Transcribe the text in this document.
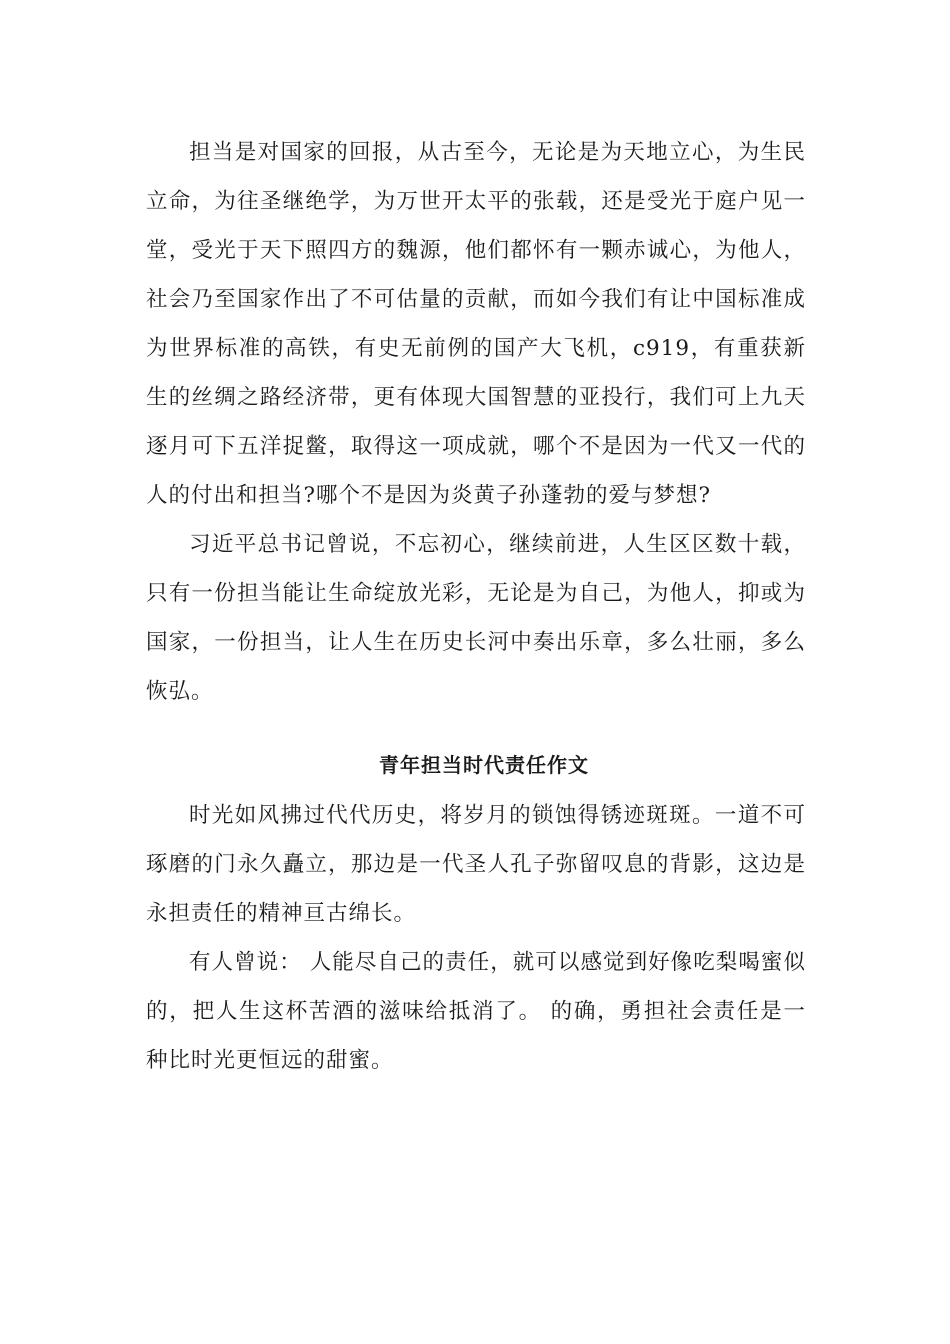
担当是对国家的回报，从古至今，无论是为天地立心，为生民立命，为往圣继绝学，为万世开太平的张载，还是受光于庭户见一堂，受光于天下照四方的魏源，他们都怀有一颗赤诚心，为他人，社会乃至国家作出了不可估量的贡献，而如今我们有让中国标准成为世界标准的高铁，有史无前例的国产大飞机，c919，有重获新生的丝绸之路经济带，更有体现大国智慧的亚投行，我们可上九天逐月可下五洋捉鳖，取得这一项成就，哪个不是因为一代又一代的人的付出和担当?哪个不是因为炎黄子孙蓬勃的爱与梦想?

习近平总书记曾说，不忘初心，继续前进，人生区区数十载，只有一份担当能让生命绽放光彩，无论是为自己，为他人，抑或为国家，一份担当，让人生在历史长河中奏出乐章，多么壮丽，多么恢弘。

青年担当时代责任作文

时光如风拂过代代历史，将岁月的锁蚀得锈迹斑斑。一道不可琢磨的门永久矗立，那边是一代圣人孔子弥留叹息的背影，这边是永担责任的精神亘古绵长。

有人曾说： 人能尽自己的责任，就可以感觉到好像吃梨喝蜜似的，把人生这杯苦酒的滋味给抵消了。 的确，勇担社会责任是一种比时光更恒远的甜蜜。
